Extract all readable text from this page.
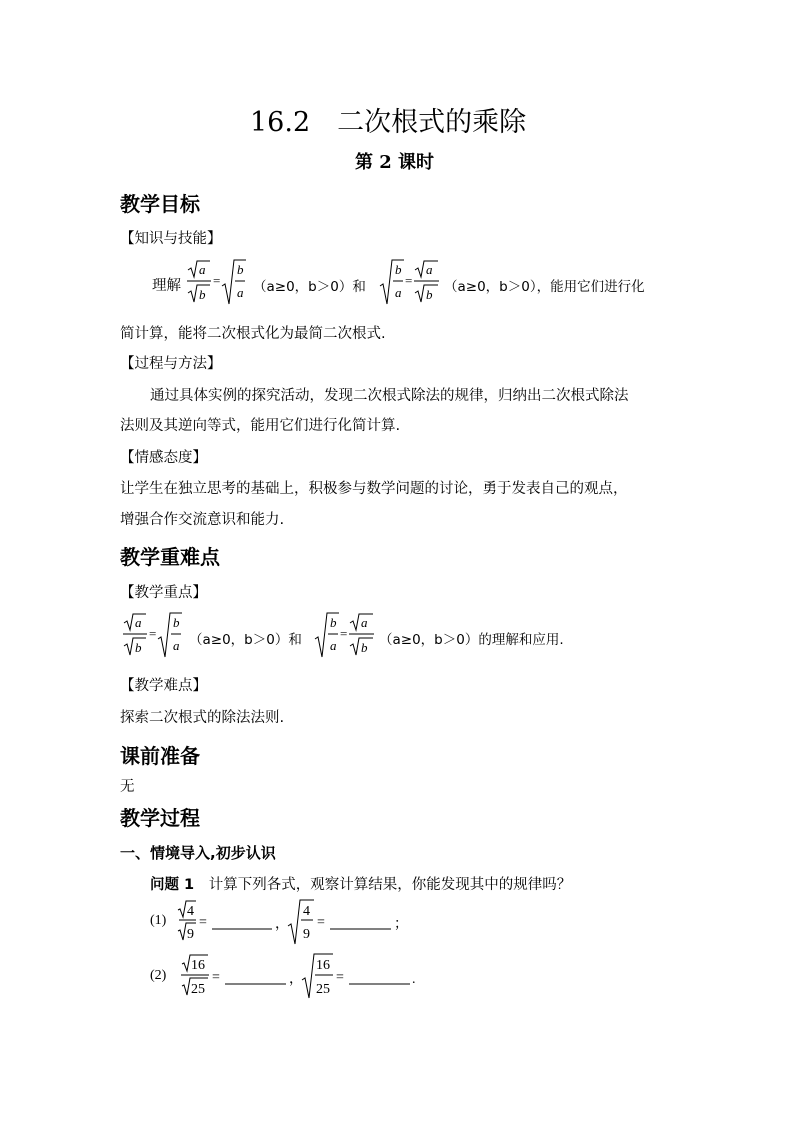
16.2　二次根式的乘除
第 2 课时
教学目标
【知识与技能】
理解
a
b
=
b
a （a≥0，b＞0）和
b
a
=
a
b （a≥0，b＞0），能用它们进行化
简计算，能将二次根式化为最简二次根式.
【过程与方法】
通过具体实例的探究活动，发现二次根式除法的规律，归纳出二次根式除法
法则及其逆向等式，能用它们进行化简计算.
【情感态度】
让学生在独立思考的基础上，积极参与数学问题的讨论，勇于发表自己的观点，
增强合作交流意识和能力.
教学重难点
【教学重点】
a
b
=
b
a （a≥0，b＞0）和
b
a
=
a
b （a≥0，b＞0）的理解和应用.
【教学难点】
探索二次根式的除法法则.
课前准备
无
教学过程
一、情境导入,初步认识
问题 1 计算下列各式，观察计算结果，你能发现其中的规律吗？
(1)
4
9
=	，
4
9
=	；
(2)
16
25
=	，
16
25
=	.
